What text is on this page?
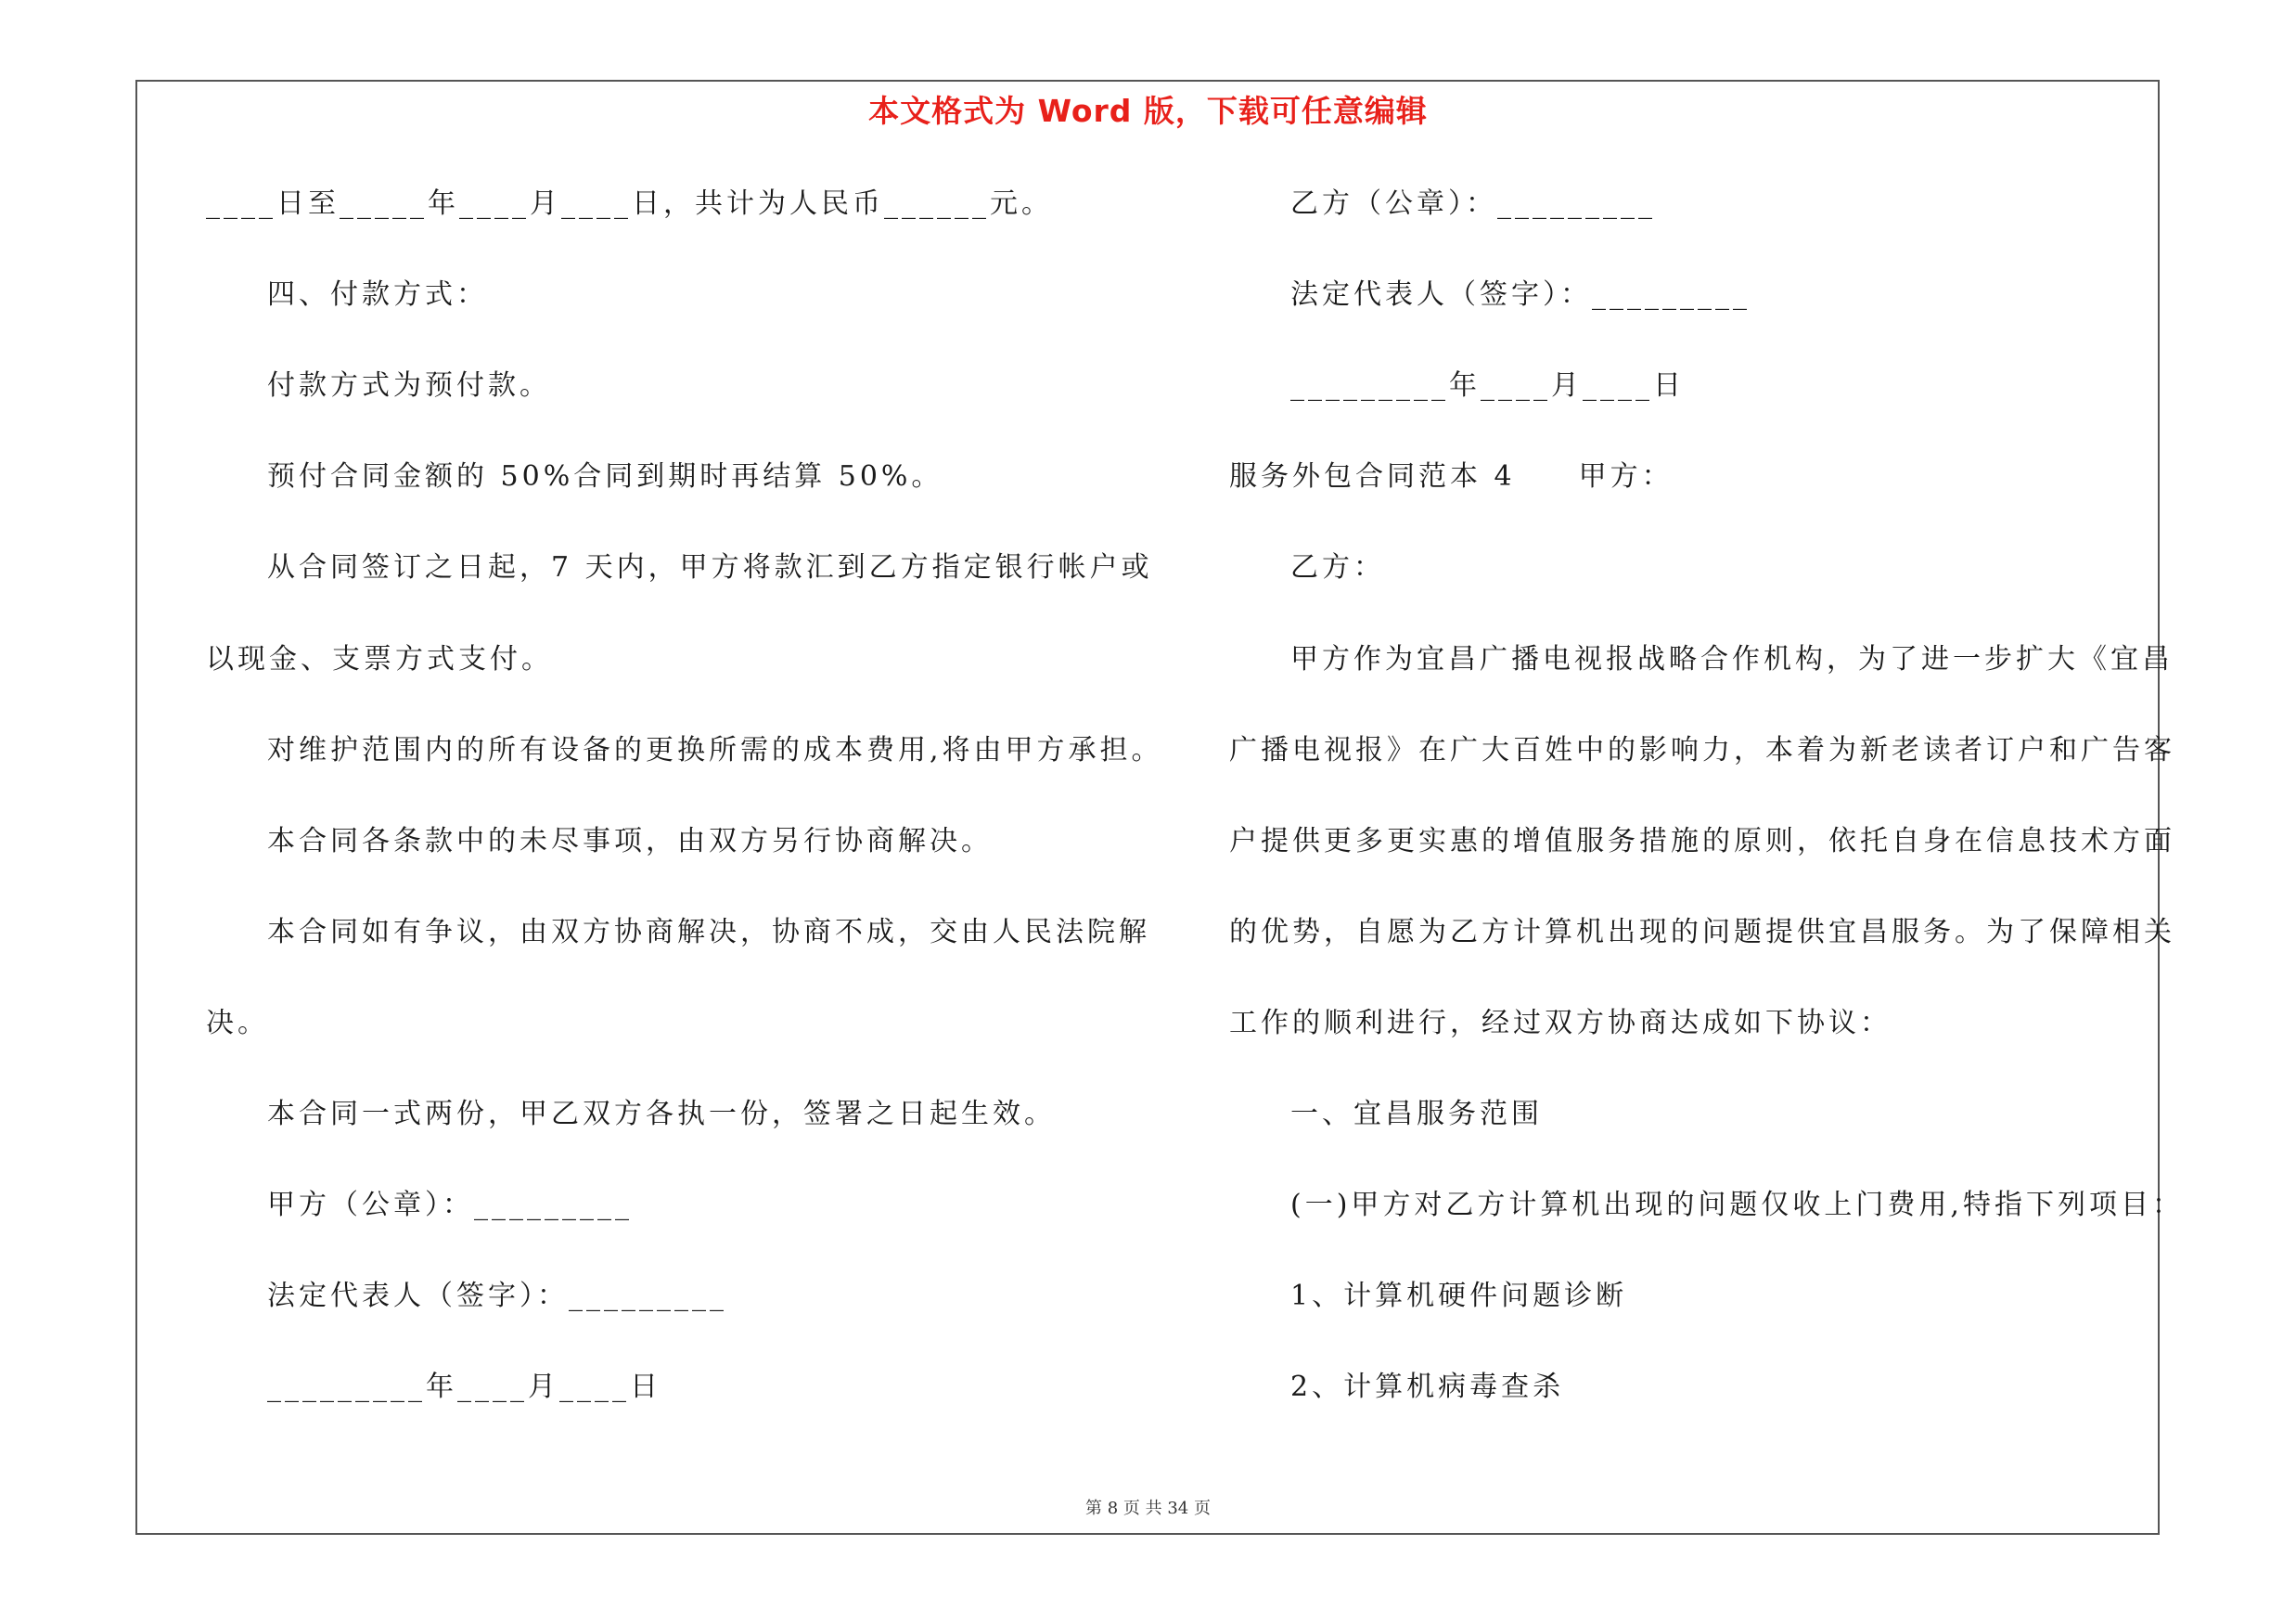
本文格式为 Word 版，下载可任意编辑
____日至_____年____月____日，共计为人民币______元。
四、付款方式：
付款方式为预付款。
预付合同金额的 50%合同到期时再结算 50%。
从合同签订之日起，7 天内，甲方将款汇到乙方指定银行帐户或
以现金、支票方式支付。
对维护范围内的所有设备的更换所需的成本费用,将由甲方承担。
本合同各条款中的未尽事项，由双方另行协商解决。
本合同如有争议，由双方协商解决，协商不成，交由人民法院解
决。
本合同一式两份，甲乙双方各执一份，签署之日起生效。
甲方（公章）：_________
法定代表人（签字）：_________
_________年____月____日
乙方（公章）：_________
法定代表人（签字）：_________
_________年____月____日
服务外包合同范本 4　　甲方：
乙方：
甲方作为宜昌广播电视报战略合作机构，为了进一步扩大《宜昌
广播电视报》在广大百姓中的影响力，本着为新老读者订户和广告客
户提供更多更实惠的增值服务措施的原则，依托自身在信息技术方面
的优势，自愿为乙方计算机出现的问题提供宜昌服务。为了保障相关
工作的顺利进行，经过双方协商达成如下协议：
一、宜昌服务范围
(一)甲方对乙方计算机出现的问题仅收上门费用,特指下列项目：
1、计算机硬件问题诊断
2、计算机病毒查杀
第 8 页 共 34 页
